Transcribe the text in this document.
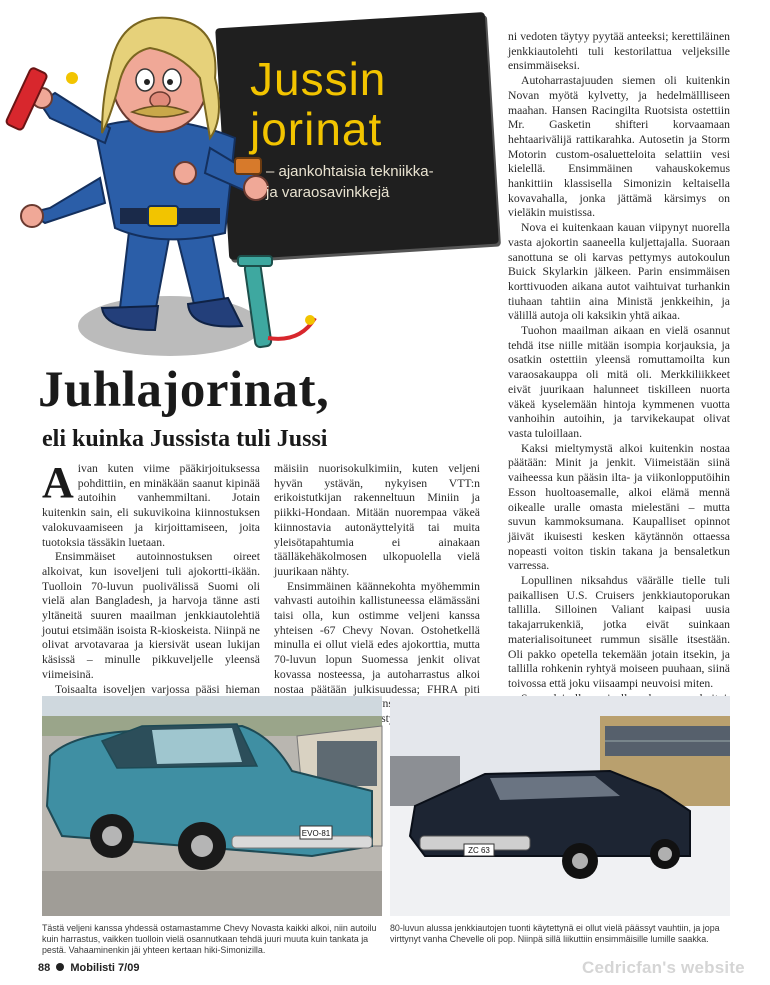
Jussin
jorinat
– ajankohtaisia tekniikka-
ja varaosavinkkejä
Juhlajorinat,
eli kuinka Jussista tuli Jussi

Aivan kuten viime pääkirjoituksessa pohdittiin, en minäkään saanut kipinää autoihin vanhemmiltani. Jotain kuitenkin sain, eli sukuvikoina kiinnostuksen valokuvaamiseen ja kirjoittamiseen, joita tuotoksia tässäkin luetaan.

Ensimmäiset autoinnostuksen oireet alkoivat, kun isoveljeni tuli ajokortti-ikään. Tuolloin 70-luvun puolivälissä Suomi oli vielä alan Bangladesh, ja harvoja tänne asti yltäneitä suuren maailman jenkkiautolehtiä joutui etsimään isoista R-kioskeista. Niinpä ne olivat arvotavaraa ja kiersivät usean lukijan käsissä – minulle pikkuveljelle yleensä viimeisinä.

Toisaalta isoveljen varjossa pääsi hieman

mäisiin nuorisokulkimiin, kuten veljeni hyvän ystävän, nykyisen VTT:n erikoistutkijan rakenneltuun Miniin ja piikki-Hondaan. Mitään nuorempaa väkeä kiinnostavia autonäyttelyitä tai muita yleisötapahtumia ei ainakaan täälläkehäkolmosen ulkopuolella vielä juurikaan nähty.

Ensimmäinen käännekohta myöhemmin vahvasti autoihin kallistuneessa elämässäni taisi olla, kun ostimme veljeni kanssa yhteisen -67 Chevy Novan. Ostohetkellä minulla ei ollut vielä edes ajokorttia, mutta 70-luvun lopun Suomessa jenkit olivat kovassa nosteessa, ja autoharrastus alkoi nostaa päätään julkisuudessa; FHRA piti

ni vedoten täytyy pyytää anteeksi; kerettiläinen jenkkiautolehti tuli kestorilattua veljeksille ensimmäiseksi.

Autoharrastajuuden siemen oli kuitenkin Novan myötä kylvetty, ja hedelmällliseen maahan. Hansen Racingilta Ruotsista ostettiin Mr. Gasketin shifteri korvaamaan hehtaarivälijä rattikarahka. Autosetin ja Storm Motorin custom-osaluetteloita selattiin vesi kielellä. Ensimmäinen vahauskokemus hankittiin klassisella Simonizin keltaisella kovavahalla, jonka jättämä kärsimys on vieläkin muistissa.

Nova ei kuitenkaan kauan viipynyt nuorella vasta ajokortin saaneella kuljettajalla. Suoraan sanottuna se oli karvas pettymys autokoulun Buick Skylarkin jälkeen. Parin ensimmäisen korttivuoden aikana autot vaihtuivat turhankin tiuhaan tahtiin aina Ministä jenkkeihin, ja välillä autoja oli kaksikin yhtä aikaa.

Tuohon maailman aikaan en vielä osannut tehdä itse niille mitään isompia korjauksia, ja osatkin ostettiin yleensä romuttamoilta kun varaosakauppa oli mitä oli. Merkkiliikkeet eivät juurikaan halunneet tiskilleen nuorta väkeä kyselemään hintoja kymmenen vuotta vanhoihin autoihin, ja tarvikekaupat olivat vasta tuloillaan.

Kaksi mieltymystä alkoi kuitenkin nostaa päätään: Minit ja jenkit. Viimeistään siinä vaiheessa kun pääsin ilta- ja viikonlopputöihin Esson huoltoasemalle, alkoi elämä mennä oikealle uralle omasta mielestäni – mutta suvun kammoksumana. Kaupalliset opinnot jäivät ikuisesti kesken käytännön ottaessa nopeasti voiton tiskin takana ja bensaletkun varressa.

Lopullinen niksahdus väärälle tielle tuli paikallisen U.S. Cruisers jenkkiautoporukan tallilla. Silloinen Valiant kaipasi uusia takajarrukenkiä, jotka eivät suinkaan materialisoituneet rummun sisälle itsestään. Oli pakko opetella tekemään jotain itsekin, ja tallilla rohkenin ryhtyä moiseen puuhaan, siinä toivossa että joku viisaampi neuvoisi miten.

EVO-81
ZC 63
Tästä veljeni kanssa yhdessä ostamastamme Chevy Novasta kaikki alkoi, niin autoilu kuin harrastus, vaikken tuolloin vielä osannutkaan tehdä juuri muuta kuin tankata ja pestä. Vahaaminenkin jäi yhteen kertaan hiki-Simonizilla.
80-luvun alussa jenkkiautojen tuonti käytettynä ei ollut vielä päässyt vauhtiin, ja jopa virttynyt vanha Chevelle oli pop. Niinpä sillä liikuttiin ensimmäisille lumille saakka.
88 Mobilisti 7/09	Cedricfan's website
